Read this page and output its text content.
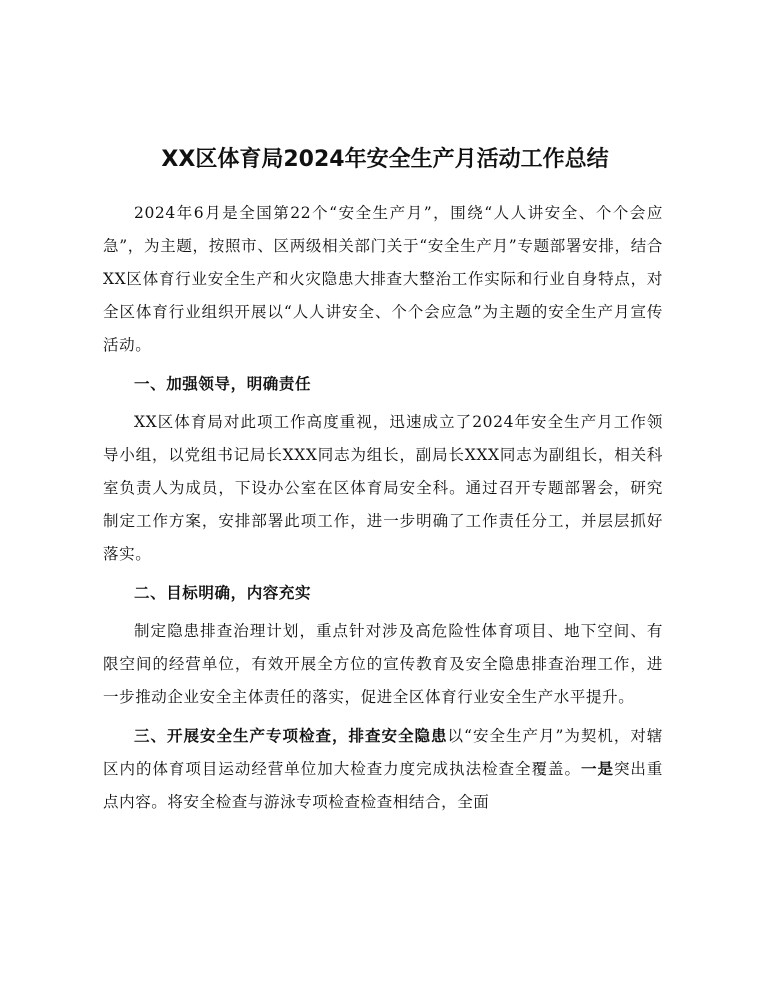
XX区体育局2024年安全生产月活动工作总结

2024年6月是全国第22个“安全生产月”，围绕“人人讲安全、个个会应急”，为主题，按照市、区两级相关部门关于“安全生产月”专题部署安排，结合XX区体育行业安全生产和火灾隐患大排查大整治工作实际和行业自身特点，对全区体育行业组织开展以“人人讲安全、个个会应急”为主题的安全生产月宣传活动。

一、加强领导，明确责任

XX区体育局对此项工作高度重视，迅速成立了2024年安全生产月工作领导小组，以党组书记局长XXX同志为组长，副局长XXX同志为副组长，相关科室负责人为成员，下设办公室在区体育局安全科。通过召开专题部署会，研究制定工作方案，安排部署此项工作，进一步明确了工作责任分工，并层层抓好落实。

二、目标明确，内容充实

制定隐患排查治理计划，重点针对涉及高危险性体育项目、地下空间、有限空间的经营单位，有效开展全方位的宣传教育及安全隐患排查治理工作，进一步推动企业安全主体责任的落实，促进全区体育行业安全生产水平提升。

三、开展安全生产专项检查，排查安全隐患以“安全生产月”为契机，对辖区内的体育项目运动经营单位加大检查力度完成执法检查全覆盖。一是突出重点内容。将安全检查与游泳专项检查检查相结合，全面
